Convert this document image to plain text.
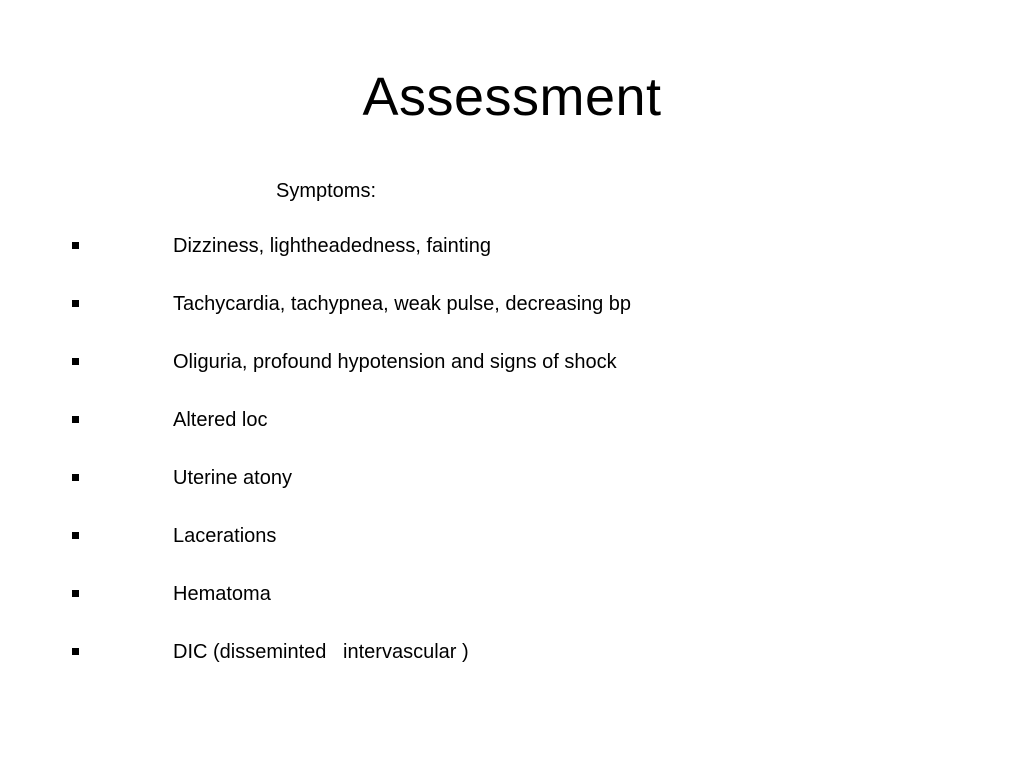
Assessment
Symptoms:
Dizziness, lightheadedness, fainting
Tachycardia, tachypnea, weak pulse, decreasing bp
Oliguria, profound hypotension and signs of shock
Altered loc
Uterine atony
Lacerations
Hematoma
DIC (disseminted   intervascular )
